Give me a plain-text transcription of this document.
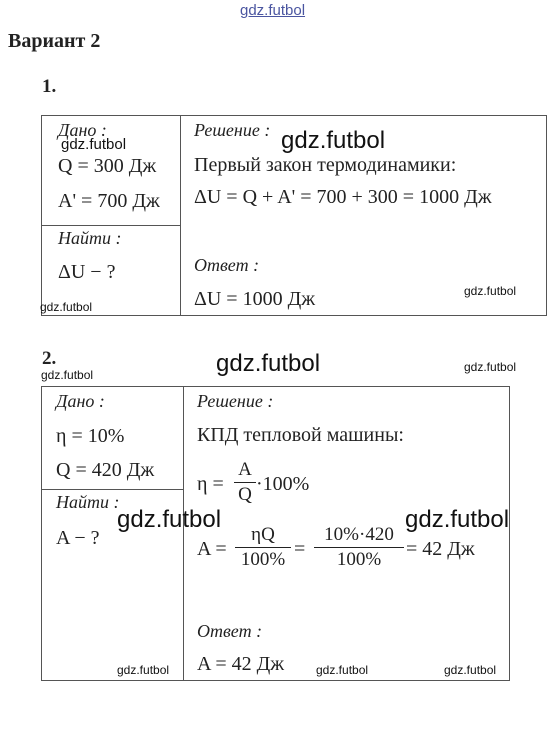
gdz.futbol
Вариант 2
1.
Дано :
Q = 300 Дж
A' = 700 Дж
Найти :
ΔU − ?
Решение :
Первый закон термодинамики:
ΔU = Q + A' = 700 + 300 = 1000 Дж
Ответ :
ΔU = 1000 Дж
gdz.futbol	gdz.futbol
gdz.futbol
gdz.futbol
2.
gdz.futbol	gdz.futbol	gdz.futbol
Дано :
η = 10%
Q = 420 Дж
Найти :
A − ?
Решение :
КПД тепловой машины:
η =
A
Q ·100%
A =
ηQ
100% =
10%·420
100% = 42 Дж
Ответ :
A = 42 Дж
gdz.futbol	gdz.futbol
gdz.futbol	gdz.futbol	gdz.futbol
